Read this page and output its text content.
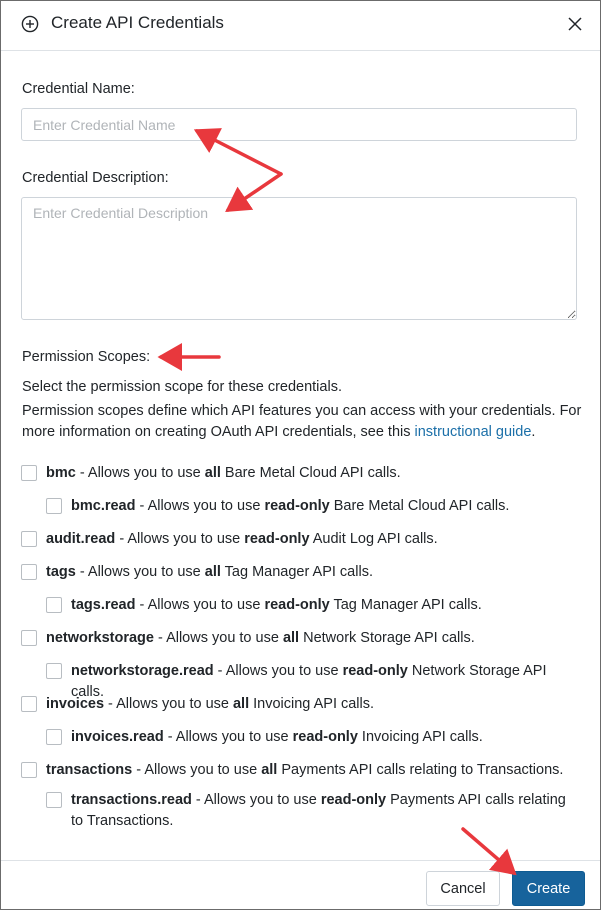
Create API Credentials
Credential Name:
Enter Credential Name
Credential Description:
Enter Credential Description
Permission Scopes:
Select the permission scope for these credentials.
Permission scopes define which API features you can access with your credentials. For more information on creating OAuth API credentials, see this instructional guide.
bmc - Allows you to use all Bare Metal Cloud API calls.
bmc.read - Allows you to use read-only Bare Metal Cloud API calls.
audit.read - Allows you to use read-only Audit Log API calls.
tags - Allows you to use all Tag Manager API calls.
tags.read - Allows you to use read-only Tag Manager API calls.
networkstorage - Allows you to use all Network Storage API calls.
networkstorage.read - Allows you to use read-only Network Storage API calls.
invoices - Allows you to use all Invoicing API calls.
invoices.read - Allows you to use read-only Invoicing API calls.
transactions - Allows you to use all Payments API calls relating to Transactions.
transactions.read - Allows you to use read-only Payments API calls relating to Transactions.
Cancel	Create
